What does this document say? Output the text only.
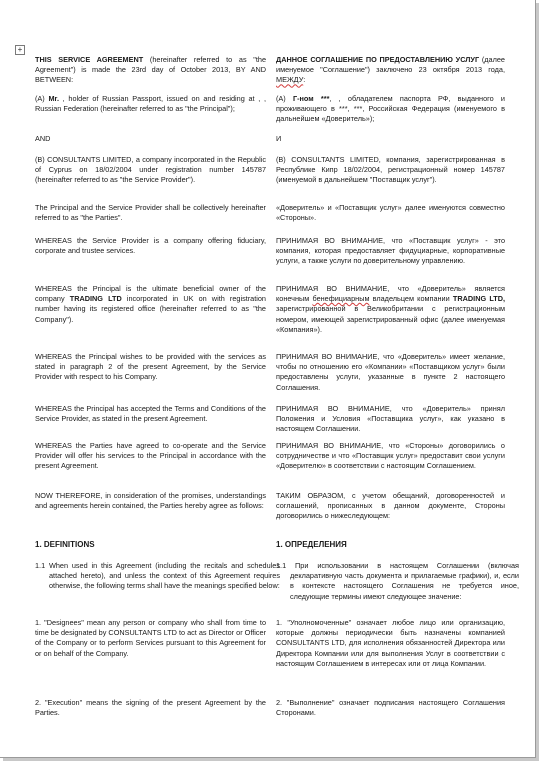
+
THIS SERVICE AGREEMENT (hereinafter referred to as "the Agreement") is made the 23rd day of October 2013, BY AND BETWEEN:
ДАННОЕ СОГЛАШЕНИЕ ПО ПРЕДОСТАВЛЕНИЮ УСЛУГ (далее именуемое "Соглашение") заключено 23 октября 2013 года, МЕЖДУ:
(A) Mr. , holder of Russian Passport, issued on and residing at , , Russian Federation (hereinafter referred to as "the Principal");
(A) Г-ном ***, , обладателем паспорта РФ, выданного и проживающего в ***, ***, Российская Федерация (именуемого в дальнейшем «Доверитель»);
AND	И
(B) CONSULTANTS LIMITED, a company incorporated in the Republic of Cyprus on 18/02/2004 under registration number 145787 (hereinafter referred to as "the Service Provider").
(В) CONSULTANTS LIMITED, компания, зарегистрированная в Республике Кипр 18/02/2004, регистрационный номер 145787 (именуемой в дальнейшем "Поставщик услуг").
The Principal and the Service Provider shall be collectively hereinafter referred to as "the Parties".
«Доверитель» и «Поставщик услуг» далее именуются совместно «Стороны».
WHEREAS the Service Provider is a company offering fiduciary, corporate and trustee services.
ПРИНИМАЯ ВО ВНИМАНИЕ, что «Поставщик услуг» - это компания, которая предоставляет фидуциарные, корпоративные услуги, а также услуги по доверительному управлению.
WHEREAS the Principal is the ultimate beneficial owner of the company TRADING LTD incorporated in UK on with registration number having its registered office (hereinafter referred to as "the Company").
ПРИНИМАЯ ВО ВНИМАНИЕ, что «Доверитель» является конечным бенефициарным владельцем компании TRADING LTD, зарегистрированной в Великобритании с регистрационным номером, имеющей зарегистрированный офис (далее именуемая «Компания»).
WHEREAS the Principal wishes to be provided with the services as stated in paragraph 2 of the present Agreement, by the Service Provider with respect to his Company.
ПРИНИМАЯ ВО ВНИМАНИЕ, что «Доверитель» имеет желание, чтобы по отношению его «Компании» «Поставщиком услуг» были предоставлены услуги, указанные в пункте 2 настоящего Соглашения.
WHEREAS the Principal has accepted the Terms and Conditions of the Service Provider, as stated in the present Agreement.
ПРИНИМАЯ ВО ВНИМАНИЕ, что «Доверитель» принял Положения и Условия «Поставщика услуг», как указано в настоящем Соглашении.
WHEREAS the Parties have agreed to co-operate and the Service Provider will offer his services to the Principal in accordance with the present Agreement.
ПРИНИМАЯ ВО ВНИМАНИЕ, что «Стороны» договорились о сотрудничестве и что «Поставщик услуг» предоставит свои услуги «Доверителю» в соответствии с настоящим Соглашением.
NOW THEREFORE, in consideration of the promises, understandings and agreements herein contained, the Parties hereby agree as follows:
ТАКИМ ОБРАЗОМ, с учетом обещаний, договоренностей и соглашений, прописанных в данном документе, Стороны договорились о нижеследующем:
1. DEFINITIONS	1. ОПРЕДЕЛЕНИЯ
1.1 When used in this Agreement (including the recitals and schedules attached hereto), and unless the context of this Agreement requires otherwise, the following terms shall have the meanings specified below:
1.1 При использовании в настоящем Соглашении (включая декларативную часть документа и прилагаемые графики), и, если в контексте настоящего Соглашения не требуется иное, следующие термины имеют следующее значение:
1. "Designees" mean any person or company who shall from time to time be designated by CONSULTANTS LTD to act as Director or Officer of the Company or to perform Services pursuant to this Agreement for or on behalf of the Company.
1. "Уполномоченные" означает любое лицо или организацию, которые должны периодически быть назначены компанией CONSULTANTS LTD, для исполнения обязанностей Директора или Директора Компании или для выполнения Услуг в соответствии с настоящим Соглашением в интересах или от лица Компании.
2. "Execution" means the signing of the present Agreement by the Parties.
2. "Выполнение" означает подписания настоящего Соглашения Сторонами.
